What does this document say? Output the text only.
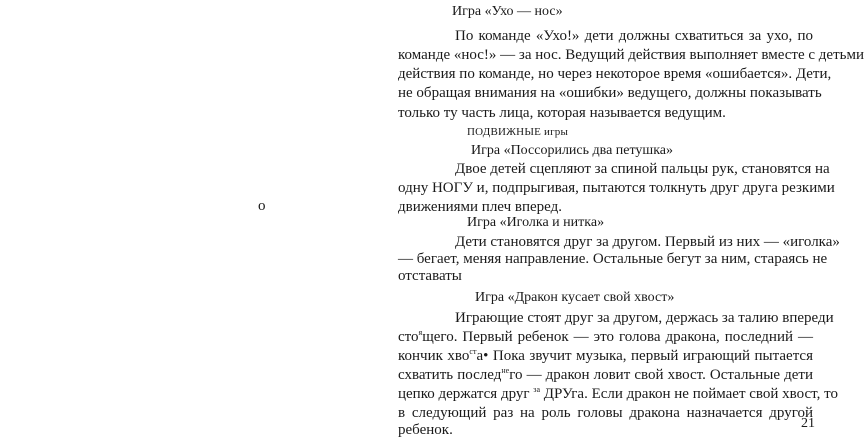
Игра «Ухо — нос»
По команде «Ухо!» дети должны схватиться за ухо, по
команде «нос!» — за нос. Ведущий действия выполняет вместе с детьми
действия по команде, но через некоторое время «ошибается». Дети,
не обращая внимания на «ошибки» ведущего, должны показывать
только ту часть лица, которая называется ведущим.
ПОДВИЖНЫЕ игры
Игра «Поссорились два петушка»
Двое детей сцепляют за спиной пальцы рук, становятся на
одну НОГУ и, подпрыгивая, пытаются толкнуть друг друга резкими
движениями плеч вперед.
о
Игра «Иголка и нитка»
Дети становятся друг за другом. Первый из них — «иголка»
— бегает, меняя направление. Остальные бегут за ним, стараясь не
отставаты
Игра «Дракон кусает свой хвост»
Играющие стоят друг за другом, держась за талию впереди
сто$^я$щего. Первый ребенок — это голова дракона, последний —
кончик хво$^{ст}$а• Пока звучит музыка, первый играющий пытается
схватить послед$^{не}$го — дракон ловит свой хвост. Остальные дети
цепко держатся друг $^{за}$ ДРУга. Если дракон не поймает свой хвост, то
в следующий раз на роль головы дракона назначается другой
ребенок.	21
